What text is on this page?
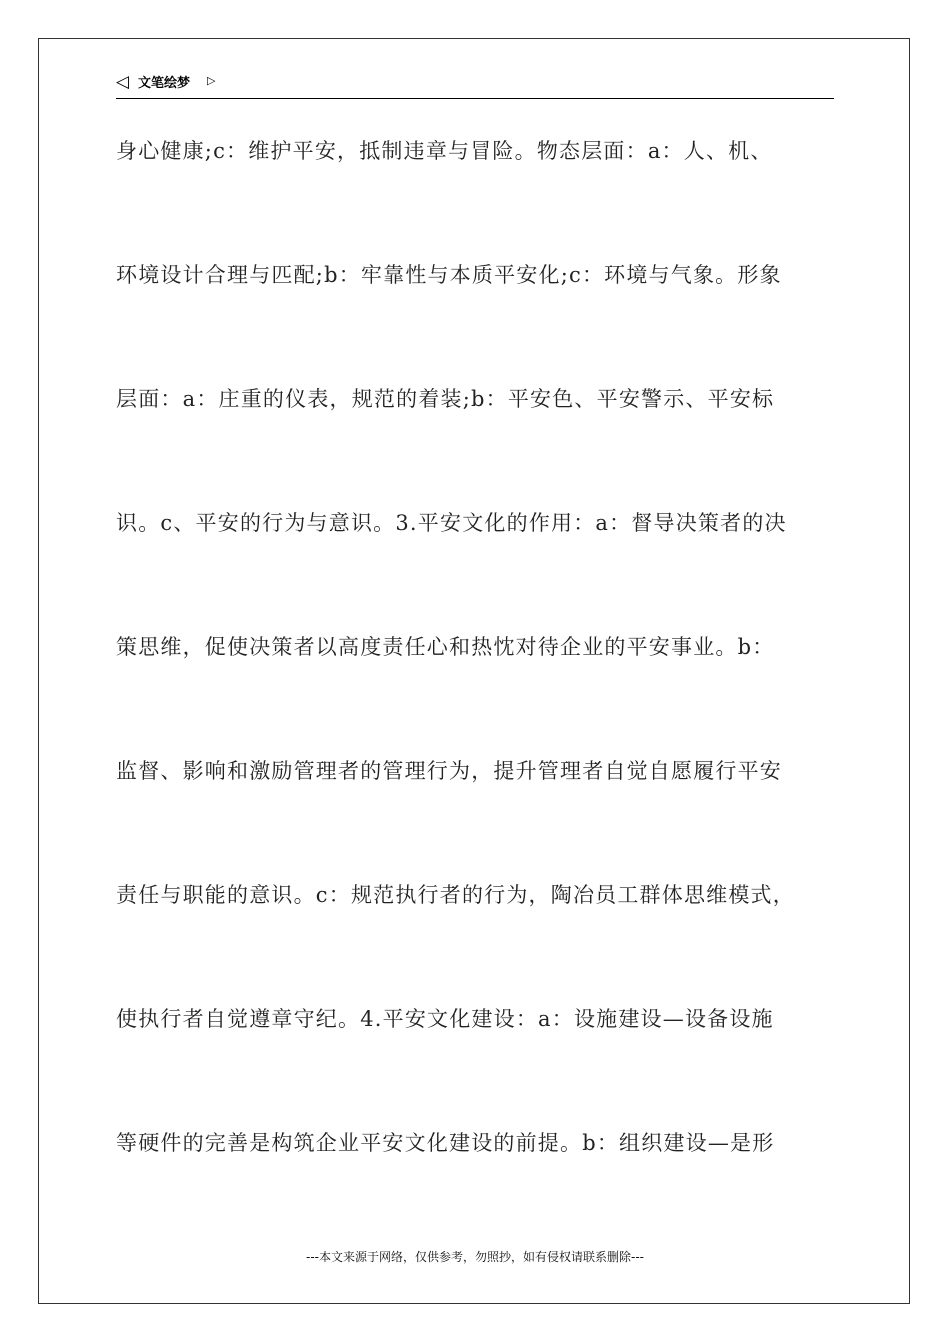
◁ 文笔绘梦 ▷
身心健康;c：维护平安，抵制违章与冒险。物态层面：a：人、机、
环境设计合理与匹配;b：牢靠性与本质平安化;c：环境与气象。形象
层面：a：庄重的仪表，规范的着装;b：平安色、平安警示、平安标
识。c、平安的行为与意识。3.平安文化的作用：a：督导决策者的决
策思维，促使决策者以高度责任心和热忱对待企业的平安事业。b：
监督、影响和激励管理者的管理行为，提升管理者自觉自愿履行平安
责任与职能的意识。c：规范执行者的行为，陶冶员工群体思维模式，
使执行者自觉遵章守纪。4.平安文化建设：a：设施建设—设备设施
等硬件的完善是构筑企业平安文化建设的前提。b：组织建设—是形
---本文来源于网络，仅供参考，勿照抄，如有侵权请联系删除---
